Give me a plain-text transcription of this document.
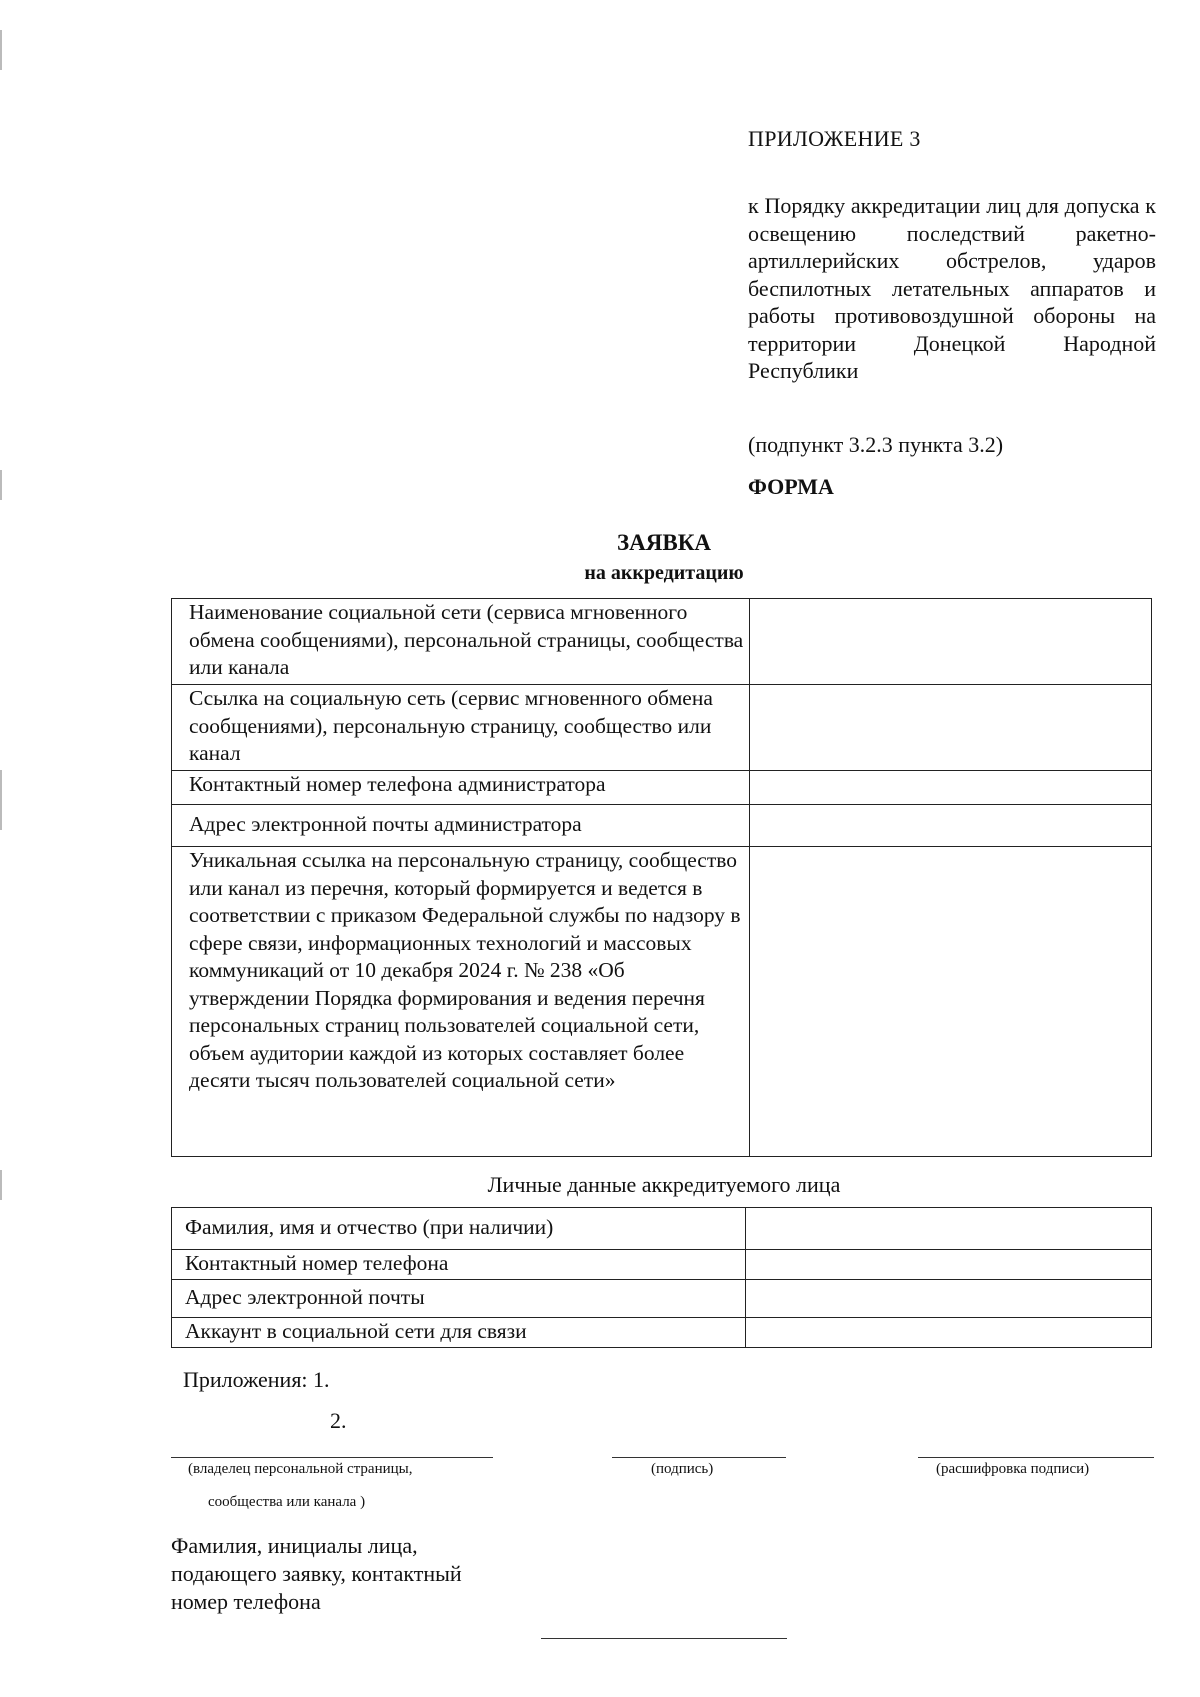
ПРИЛОЖЕНИЕ 3
к Порядку аккредитации лиц для допуска к освещению последствий ракетно-артиллерийских обстрелов, ударов беспилотных летательных аппаратов и работы противовоздушной обороны на территории Донецкой Народной Республики
(подпункт 3.2.3 пункта 3.2)
ФОРМА
ЗАЯВКА
на аккредитацию
Наименование социальной сети (сервиса мгновенного обмена сообщениями), персональной страницы, сообщества или канала	
Ссылка на социальную сеть (сервис мгновенного обмена сообщениями), персональную страницу, сообщество или канал	
Контактный номер телефона администратора	
Адрес электронной почты администратора	
Уникальная ссылка на персональную страницу, сообщество или канал из перечня, который формируется и ведется в соответствии с приказом Федеральной службы по надзору в сфере связи, информационных технологий и массовых коммуникаций от 10 декабря 2024 г. № 238 «Об утверждении Порядка формирования и ведения перечня персональных страниц пользователей социальной сети, объем аудитории каждой из которых составляет более десяти тысяч пользователей социальной сети»	
Личные данные аккредитуемого лица
Фамилия, имя и отчество (при наличии)	
Контактный номер телефона	
Адрес электронной почты	
Аккаунт в социальной сети для связи	
Приложения: 1.
2.
(владелец персональной страницы,
сообщества или канала )
(подпись)	(расшифровка подписи)
Фамилия, инициалы лица,
подающего заявку, контактный
номер телефона
